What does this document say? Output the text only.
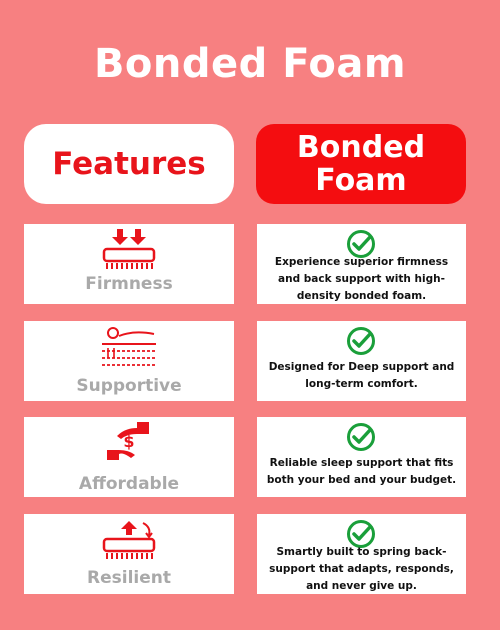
Bonded Foam
Features	Bonded
Foam
Firmness
Experience superior firmness and back support with high-density bonded foam.
Supportive
Designed for Deep support and long-term comfort.
$
Affordable
Reliable sleep support that fits both your bed and your budget.
Resilient
Smartly built to spring back-support that adapts, responds, and never give up.
